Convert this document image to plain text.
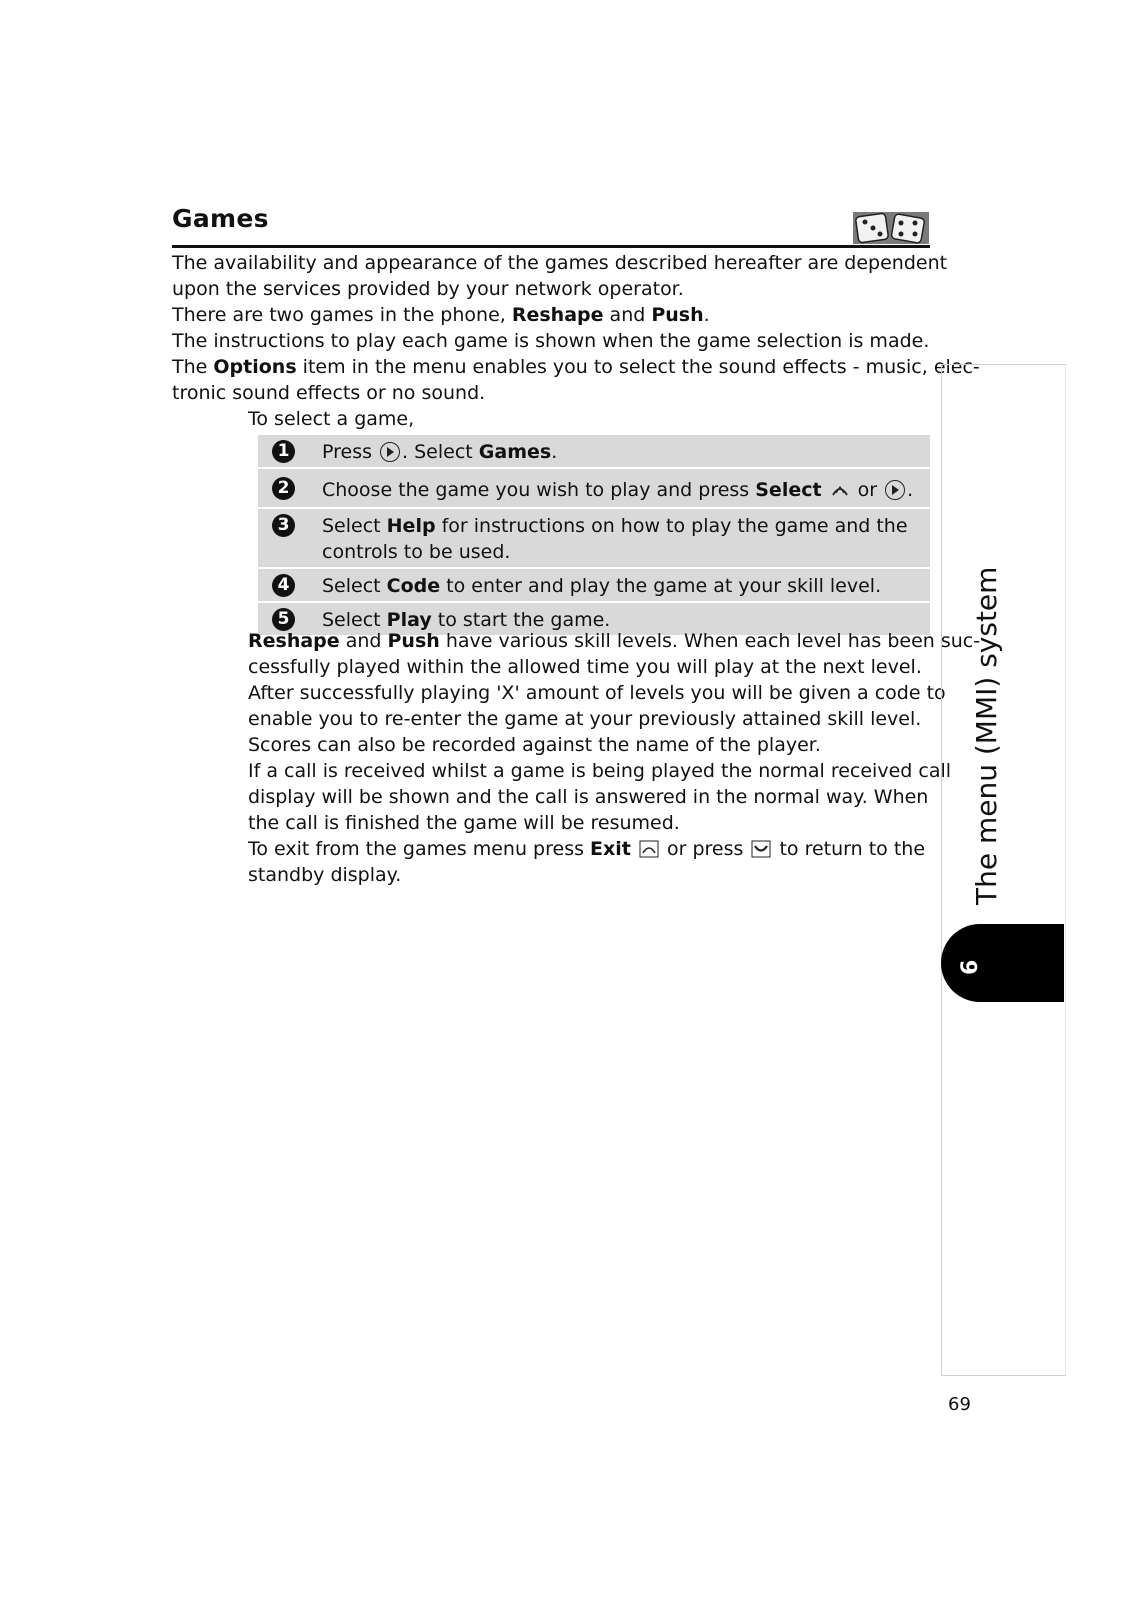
Games
The availability and appearance of the games described hereafter are dependent
upon the services provided by your network operator.
There are two games in the phone, Reshape and Push.
The instructions to play each game is shown when the game selection is made.
The Options item in the menu enables you to select the sound effects - music, elec-
tronic sound effects or no sound.
To select a game,
1 Press . Select Games.
2 Choose the game you wish to play and press Select  or .
3 Select Help for instructions on how to play the game and the
controls to be used.
4 Select Code to enter and play the game at your skill level.
5 Select Play to start the game.
Reshape and Push have various skill levels. When each level has been suc-
cessfully played within the allowed time you will play at the next level.
After successfully playing 'X' amount of levels you will be given a code to
enable you to re-enter the game at your previously attained skill level.
Scores can also be recorded against the name of the player.
If a call is received whilst a game is being played the normal received call
display will be shown and the call is answered in the normal way. When
the call is finished the game will be resumed.
To exit from the games menu press Exit  or press  to return to the
standby display.	The menu (MMI) system
6
69
